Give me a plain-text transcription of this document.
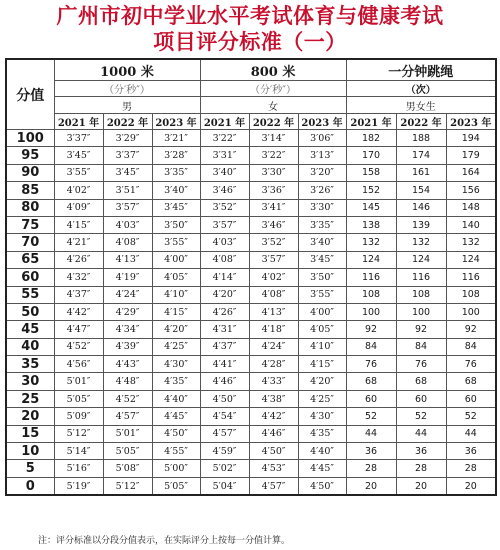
广州市初中学业水平考试体育与健康考试
项目评分标准（一）
分值	1000 米			800 米			一分钟跳绳		
	（分′秒″）			（分′秒″）			（次）		
	男			女			男女生		
	2021 年	2022 年	2023 年	2021 年	2022 年	2023 年	2021 年	2022 年	2023 年
100	3′37″	3′29″	3′21″	3′22″	3′14″	3′06″	182	188	194
95	3′45″	3′37″	3′28″	3′31″	3′22″	3′13″	170	174	179
90	3′55″	3′45″	3′35″	3′40″	3′30″	3′20″	158	161	164
85	4′02″	3′51″	3′40″	3′46″	3′36″	3′26″	152	154	156
80	4′09″	3′57″	3′45″	3′52″	3′41″	3′30″	145	146	148
75	4′15″	4′03″	3′50″	3′57″	3′46″	3′35″	138	139	140
70	4′21″	4′08″	3′55″	4′03″	3′52″	3′40″	132	132	132
65	4′26″	4′13″	4′00″	4′08″	3′57″	3′45″	124	124	124
60	4′32″	4′19″	4′05″	4′14″	4′02″	3′50″	116	116	116
55	4′37″	4′24″	4′10″	4′20″	4′08″	3′55″	108	108	108
50	4′42″	4′29″	4′15″	4′26″	4′13″	4′00″	100	100	100
45	4′47″	4′34″	4′20″	4′31″	4′18″	4′05″	92	92	92
40	4′52″	4′39″	4′25″	4′37″	4′24″	4′10″	84	84	84
35	4′56″	4′43″	4′30″	4′41″	4′28″	4′15″	76	76	76
30	5′01″	4′48″	4′35″	4′46″	4′33″	4′20″	68	68	68
25	5′05″	4′52″	4′40″	4′50″	4′38″	4′25″	60	60	60
20	5′09″	4′57″	4′45″	4′54″	4′42″	4′30″	52	52	52
15	5′12″	5′01″	4′50″	4′57″	4′46″	4′35″	44	44	44
10	5′14″	5′05″	4′55″	4′59″	4′50″	4′40″	36	36	36
5	5′16″	5′08″	5′00″	5′02″	4′53″	4′45″	28	28	28
0	5′19″	5′12″	5′05″	5′04″	4′57″	4′50″	20	20	20
注：评分标准以分段分值表示，在实际评分上按每一分值计算。
